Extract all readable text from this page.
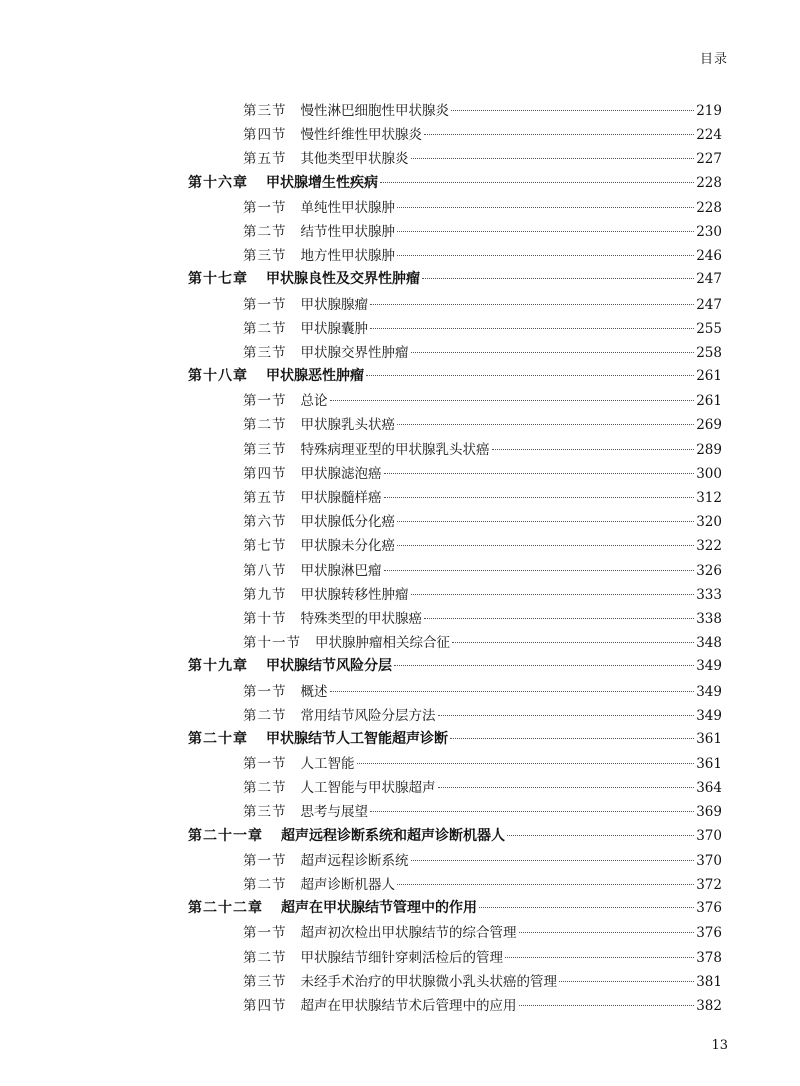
目录
第三节 慢性淋巴细胞性甲状腺炎	219
第四节 慢性纤维性甲状腺炎	224
第五节 其他类型甲状腺炎	227
第十六章 甲状腺增生性疾病	228
第一节 单纯性甲状腺肿	228
第二节 结节性甲状腺肿	230
第三节 地方性甲状腺肿	246
第十七章 甲状腺良性及交界性肿瘤	247
第一节 甲状腺腺瘤	247
第二节 甲状腺囊肿	255
第三节 甲状腺交界性肿瘤	258
第十八章 甲状腺恶性肿瘤	261
第一节 总论	261
第二节 甲状腺乳头状癌	269
第三节 特殊病理亚型的甲状腺乳头状癌	289
第四节 甲状腺滤泡癌	300
第五节 甲状腺髓样癌	312
第六节 甲状腺低分化癌	320
第七节 甲状腺未分化癌	322
第八节 甲状腺淋巴瘤	326
第九节 甲状腺转移性肿瘤	333
第十节 特殊类型的甲状腺癌	338
第十一节 甲状腺肿瘤相关综合征	348
第十九章 甲状腺结节风险分层	349
第一节 概述	349
第二节 常用结节风险分层方法	349
第二十章 甲状腺结节人工智能超声诊断	361
第一节 人工智能	361
第二节 人工智能与甲状腺超声	364
第三节 思考与展望	369
第二十一章 超声远程诊断系统和超声诊断机器人	370
第一节 超声远程诊断系统	370
第二节 超声诊断机器人	372
第二十二章 超声在甲状腺结节管理中的作用	376
第一节 超声初次检出甲状腺结节的综合管理	376
第二节 甲状腺结节细针穿刺活检后的管理	378
第三节 未经手术治疗的甲状腺微小乳头状癌的管理	381
第四节 超声在甲状腺结节术后管理中的应用	382
13
